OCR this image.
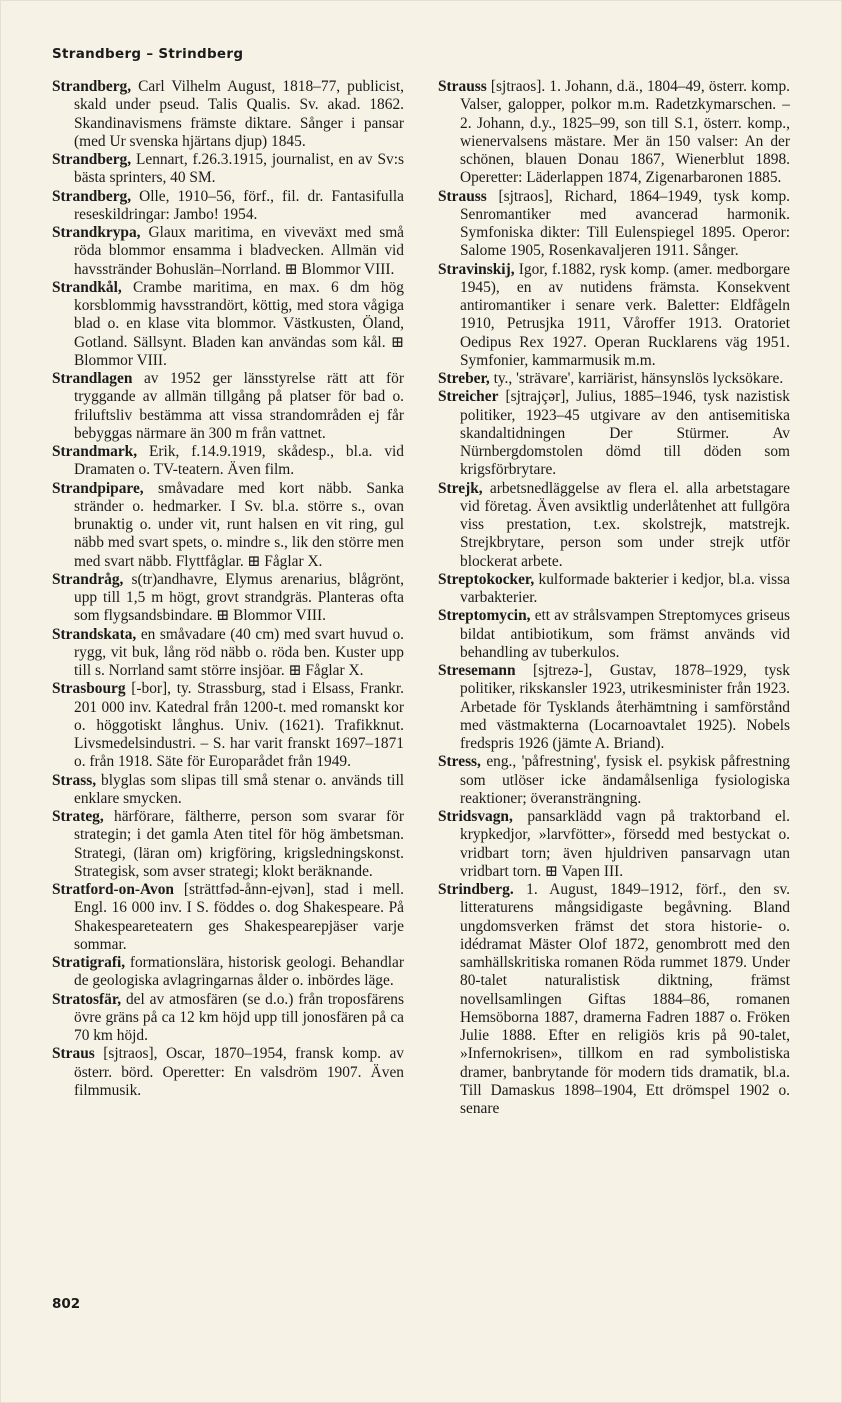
Strandberg – Strindberg

Strandberg, Carl Vilhelm August, 1818–77, publicist, skald under pseud. Talis Qualis. Sv. akad. 1862. Skandinavismens främste diktare. Sånger i pansar (med Ur svenska hjärtans djup) 1845.

Strandberg, Lennart, f.26.3.1915, journalist, en av Sv:s bästa sprinters, 40 SM.

Strandberg, Olle, 1910–56, förf., fil. dr. Fantasifulla reseskildringar: Jambo! 1954.

Strandkrypa, Glaux maritima, en viveväxt med små röda blommor ensamma i bladvecken. Allmän vid havsstränder Bohuslän–Norrland. ⊞ Blommor VIII.

Strandkål, Crambe maritima, en max. 6 dm hög korsblommig havsstrandört, köttig, med stora vågiga blad o. en klase vita blommor. Västkusten, Öland, Gotland. Sällsynt. Bladen kan användas som kål. ⊞ Blommor VIII.

Strandlagen av 1952 ger länsstyrelse rätt att för tryggande av allmän tillgång på platser för bad o. friluftsliv bestämma att vissa strandområden ej får bebyggas närmare än 300 m från vattnet.

Strandmark, Erik, f.14.9.1919, skådesp., bl.a. vid Dramaten o. TV-teatern. Även film.

Strandpipare, småvadare med kort näbb. Sanka stränder o. hedmarker. I Sv. bl.a. större s., ovan brunaktig o. under vit, runt halsen en vit ring, gul näbb med svart spets, o. mindre s., lik den större men med svart näbb. Flyttfåglar. ⊞ Fåglar X.

Strandråg, s(tr)andhavre, Elymus arenarius, blågrönt, upp till 1,5 m högt, grovt strandgräs. Planteras ofta som flygsandsbindare. ⊞ Blommor VIII.

Strandskata, en småvadare (40 cm) med svart huvud o. rygg, vit buk, lång röd näbb o. röda ben. Kuster upp till s. Norrland samt större insjöar. ⊞ Fåglar X.

Strasbourg [-bor], ty. Strassburg, stad i Elsass, Frankr. 201 000 inv. Katedral från 1200-t. med romanskt kor o. höggotiskt långhus. Univ. (1621). Trafikknut. Livsmedelsindustri. – S. har varit franskt 1697–1871 o. från 1918. Säte för Europarådet från 1949.

Strass, blyglas som slipas till små stenar o. används till enklare smycken.

Strateg, härförare, fältherre, person som svarar för strategin; i det gamla Aten titel för hög ämbetsman. Strategi, (läran om) krigföring, krigsledningskonst. Strategisk, som avser strategi; klokt beräknande.

Stratford-on-Avon [strättfəd-ånn-ejvən], stad i mell. Engl. 16 000 inv. I S. föddes o. dog Shakespeare. På Shakespeareteatern ges Shakespearepjäser varje sommar.

Stratigrafi, formationslära, historisk geologi. Behandlar de geologiska avlagringarnas ålder o. inbördes läge.

Stratosfär, del av atmosfären (se d.o.) från troposfärens övre gräns på ca 12 km höjd upp till jonosfären på ca 70 km höjd.

Straus [sjtraos], Oscar, 1870–1954, fransk komp. av österr. börd. Operetter: En valsdröm 1907. Även filmmusik.

Strauss [sjtraos]. 1. Johann, d.ä., 1804–49, österr. komp. Valser, galopper, polkor m.m. Radetzkymarschen. – 2. Johann, d.y., 1825–99, son till S.1, österr. komp., wienervalsens mästare. Mer än 150 valser: An der schönen, blauen Donau 1867, Wienerblut 1898. Operetter: Läderlappen 1874, Zigenarbaronen 1885.

Strauss [sjtraos], Richard, 1864–1949, tysk komp. Senromantiker med avancerad harmonik. Symfoniska dikter: Till Eulenspiegel 1895. Operor: Salome 1905, Rosenkavaljeren 1911. Sånger.

Stravinskij, Igor, f.1882, rysk komp. (amer. medborgare 1945), en av nutidens främsta. Konsekvent antiromantiker i senare verk. Baletter: Eldfågeln 1910, Petrusjka 1911, Våroffer 1913. Oratoriet Oedipus Rex 1927. Operan Rucklarens väg 1951. Symfonier, kammarmusik m.m.

Streber, ty., 'strävare', karriärist, hänsynslös lycksökare.

Streicher [sjtrajçər], Julius, 1885–1946, tysk nazistisk politiker, 1923–45 utgivare av den antisemitiska skandaltidningen Der Stürmer. Av Nürnbergdomstolen dömd till döden som krigsförbrytare.

Strejk, arbetsnedläggelse av flera el. alla arbetstagare vid företag. Även avsiktlig underlåtenhet att fullgöra viss prestation, t.ex. skolstrejk, matstrejk. Strejkbrytare, person som under strejk utför blockerat arbete.

Streptokocker, kulformade bakterier i kedjor, bl.a. vissa varbakterier.

Streptomycin, ett av strålsvampen Streptomyces griseus bildat antibiotikum, som främst används vid behandling av tuberkulos.

Stresemann [sjtrezə-], Gustav, 1878–1929, tysk politiker, rikskansler 1923, utrikesminister från 1923. Arbetade för Tysklands återhämtning i samförstånd med västmakterna (Locarnoavtalet 1925). Nobels fredspris 1926 (jämte A. Briand).

Stress, eng., 'påfrestning', fysisk el. psykisk påfrestning som utlöser icke ändamålsenliga fysiologiska reaktioner; överansträngning.

Stridsvagn, pansarklädd vagn på traktorband el. krypkedjor, »larvfötter», försedd med bestyckat o. vridbart torn; även hjuldriven pansarvagn utan vridbart torn. ⊞ Vapen III.

Strindberg. 1. August, 1849–1912, förf., den sv. litteraturens mångsidigaste begåvning. Bland ungdomsverken främst det stora historie- o. idédramat Mäster Olof 1872, genombrott med den samhällskritiska romanen Röda rummet 1879. Under 80-talet naturalistisk diktning, främst novellsamlingen Giftas 1884–86, romanen Hemsöborna 1887, dramerna Fadren 1887 o. Fröken Julie 1888. Efter en religiös kris på 90-talet, »Infernokrisen», tillkom en rad symbolistiska dramer, banbrytande för modern tids dramatik, bl.a. Till Damaskus 1898–1904, Ett drömspel 1902 o. senare

802
